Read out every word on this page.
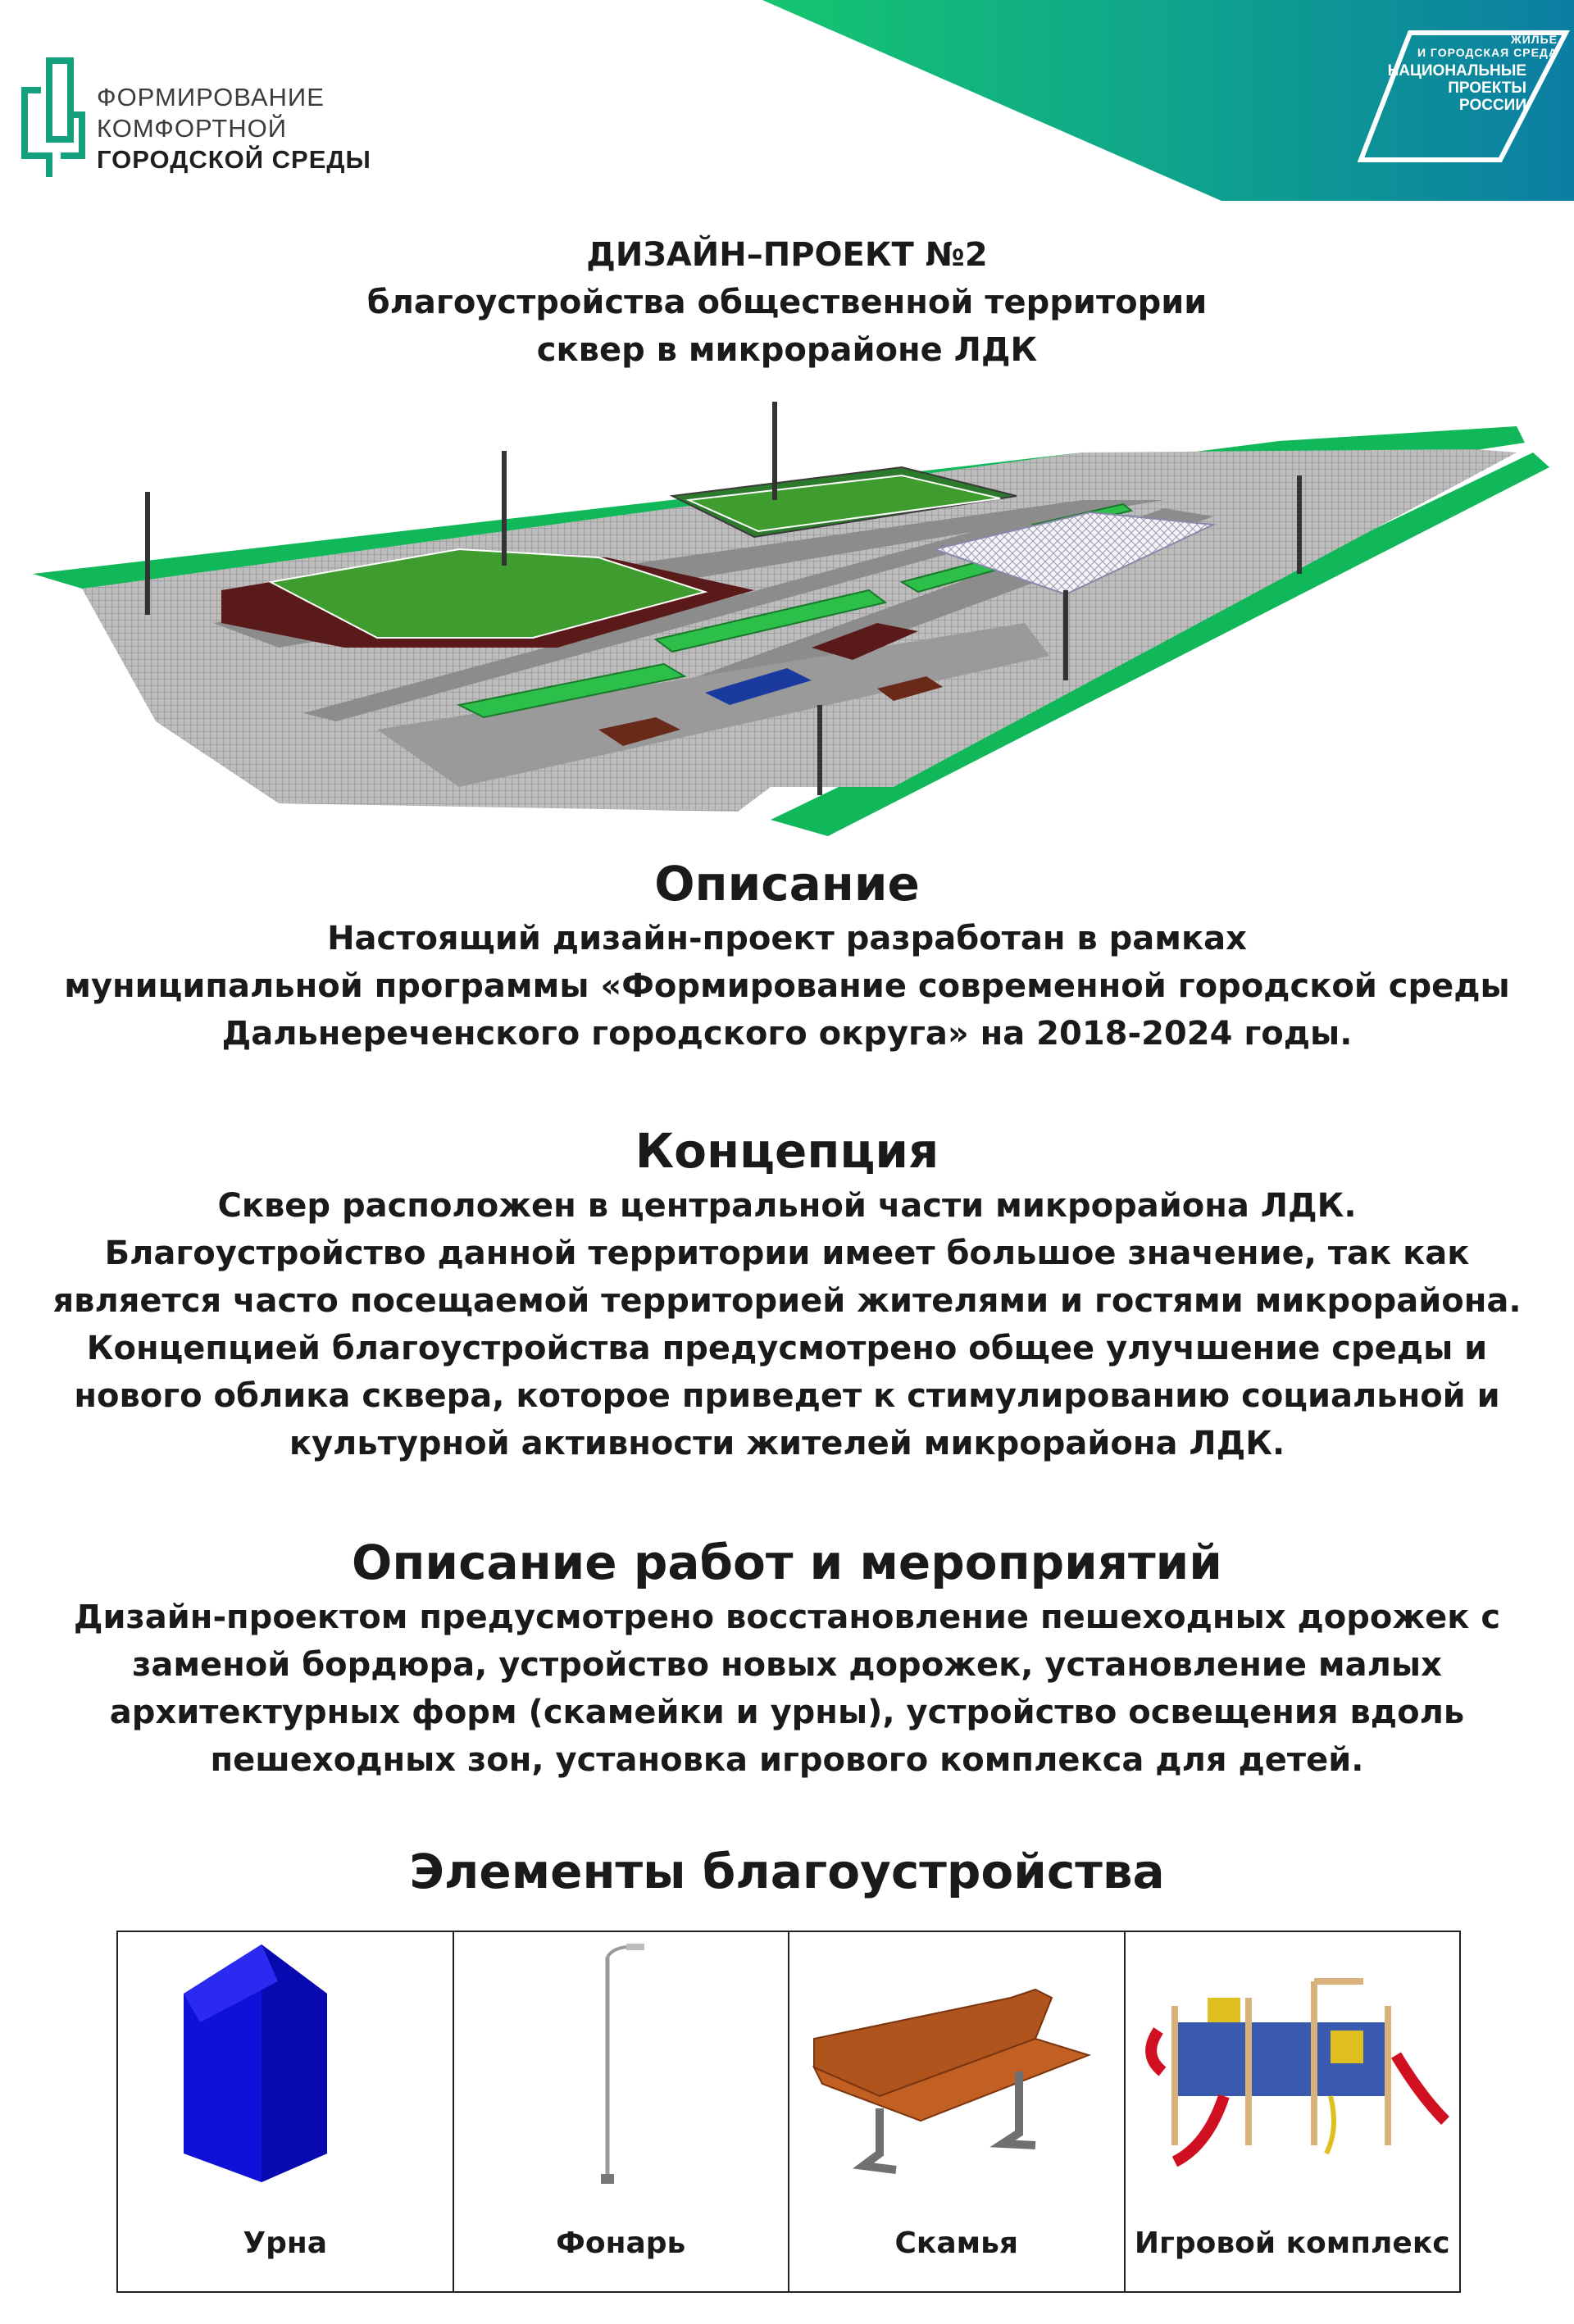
ФОРМИРОВАНИЕ
КОМФОРТНОЙ
ГОРОДСКОЙ СРЕДЫ
ЖИЛЬЕ
И ГОРОДСКАЯ СРЕДА
НАЦИОНАЛЬНЫЕ
ПРОЕКТЫ
РОССИИ
ДИЗАЙН–ПРОЕКТ №2
благоустройства общественной территории
сквер в микрорайоне ЛДК
Описание

Настоящий дизайн-проект разработан в рамках

муниципальной программы «Формирование современной городской среды

Дальнереченского городского округа» на 2018-2024 годы.

Концепция

Сквер расположен в центральной части микрорайона ЛДК.

Благоустройство данной территории имеет большое значение, так как

является часто посещаемой территорией жителями и гостями микрорайона.

Концепцией благоустройства предусмотрено общее улучшение среды и

нового облика сквера, которое приведет к стимулированию социальной и

культурной активности жителей микрорайона ЛДК.

Описание работ и мероприятий

Дизайн-проектом предусмотрено восстановление пешеходных дорожек с

заменой бордюра, устройство новых дорожек, установление малых

архитектурных форм (скамейки и урны), устройство освещения вдоль

пешеходных зон, установка игрового комплекса для детей.

Элементы благоустройства
Урна	Фонарь	Скамья	Игровой комплекс
